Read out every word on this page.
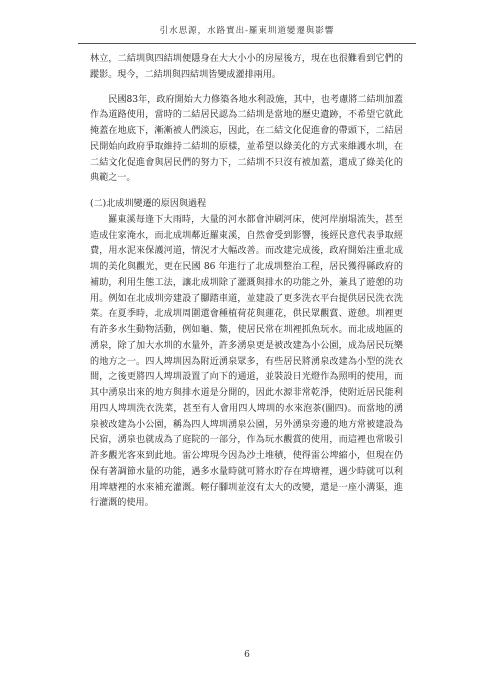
引水思源，水路實出-羅東圳道變遷與影響

林立，二結圳與四結圳便隱身在大大小小的房屋後方，現在也很難看到它們的蹤影。現今，二結圳與四結圳皆變成灌排兩用。

民國83年，政府開始大力修築各地水利設施，其中，也考慮將二結圳加蓋作為道路使用，當時的二結居民認為二結圳是當地的歷史遺跡，不希望它就此掩蓋在地底下，漸漸被人們淡忘，因此，在二結文化促進會的帶頭下，二結居民開始向政府爭取維持二結圳的原樣，並希望以綠美化的方式來維護水圳，在二結文化促進會與居民們的努力下，二結圳不只沒有被加蓋，還成了綠美化的典範之一。

(二)北成圳變遷的原因與過程

羅東溪每逢下大雨時，大量的河水都會沖刷河床，使河岸崩塌流失，甚至造成住家淹水，而北成圳鄰近羅東溪，自然會受到影響，後經民意代表爭取經費，用水泥來保護河道，情況才大幅改善。而改建完成後，政府開始注重北成圳的美化與觀光，更在民國 86 年進行了北成圳整治工程，居民獲得縣政府的補助，利用生態工法，讓北成圳除了灌溉與排水的功能之外，兼具了遊憩的功用。例如在北成圳旁建設了腳踏車道，並建設了更多洗衣平台提供居民洗衣洗菜。在夏季時，北成圳周圍還會種植荷花與蓮花，供民眾觀賞、遊憩。圳裡更有許多水生動物活動，例如龜、鱉，使居民常在圳裡抓魚玩水。而北成地區的湧泉，除了加大水圳的水量外，許多湧泉更是被改建為小公園，成為居民玩樂的地方之一。四人埤圳因為附近湧泉眾多，有些居民將湧泉改建為小型的洗衣間，之後更將四人埤圳設置了向下的通道，並裝設日光燈作為照明的使用，而其中湧泉出來的地方與排水道是分開的，因此水源非常乾淨，使附近居民能利用四人埤圳洗衣洗菜，甚至有人會用四人埤圳的水來泡茶(圖四)。而當地的湧泉被改建為小公園，稱為四人埤圳湧泉公園，另外湧泉旁邊的地方常被建設為民宿，湧泉也就成為了庭院的一部分，作為玩水觀賞的使用，而這裡也常吸引許多觀光客來到此地。雷公埤現今因為沙土堆積，使得雷公埤縮小，但現在仍保有著調節水量的功能，遇多水量時就可將水貯存在埤塘裡，遇少時就可以利用埤塘裡的水來補充灌溉。輕仔腳圳並沒有太大的改變，還是一座小溝渠，進行灌溉的使用。

6
